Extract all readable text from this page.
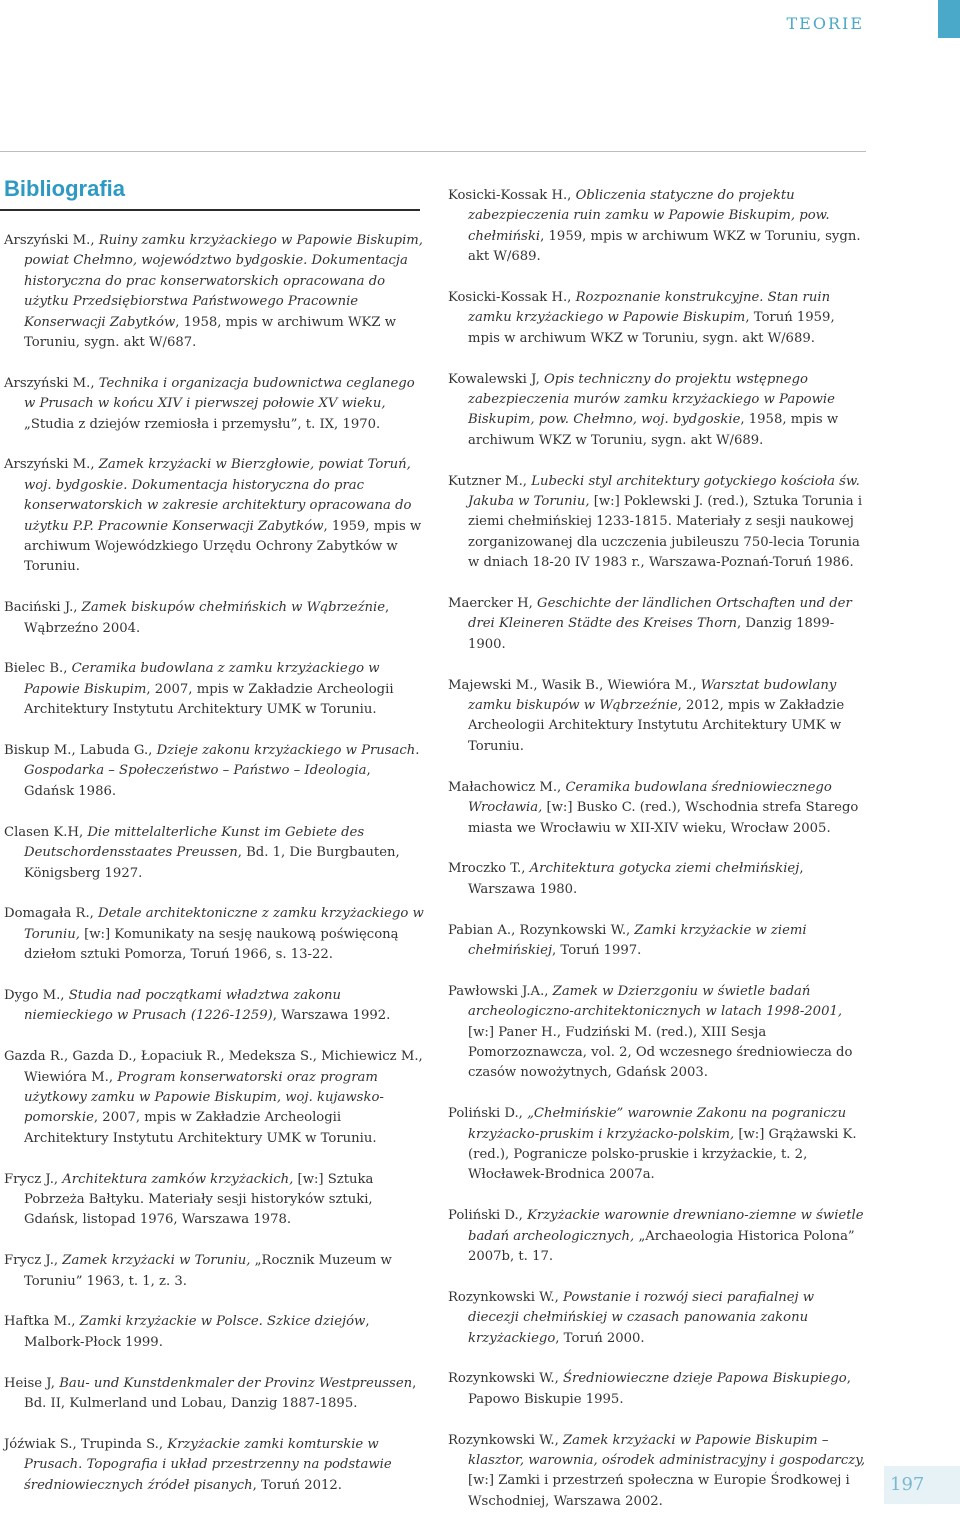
TEORIE
Bibliografia

Arszyński M., Ruiny zamku krzyżackiego w Papowie Biskupim, powiat Chełmno, województwo bydgoskie. Dokumentacja historyczna do prac konserwatorskich opracowana do użytku Przedsiębiorstwa Państwowego Pracownie Konserwacji Zabytków, 1958, mpis w archiwum WKZ w Toruniu, sygn. akt W/687.

Arszyński M., Technika i organizacja budownictwa ceglanego w Prusach w końcu XIV i pierwszej połowie XV wieku, „Studia z dziejów rzemiosła i przemysłu”, t. IX, 1970.

Arszyński M., Zamek krzyżacki w Bierzgłowie, powiat Toruń, woj. bydgoskie. Dokumentacja historyczna do prac konserwatorskich w zakresie architektury opracowana do użytku P.P. Pracownie Konserwacji Zabytków, 1959, mpis w archiwum Wojewódzkiego Urzędu Ochrony Zabytków w Toruniu.

Baciński J., Zamek biskupów chełmińskich w Wąbrzeźnie, Wąbrzeźno 2004.

Bielec B., Ceramika budowlana z zamku krzyżackiego w Papowie Biskupim, 2007, mpis w Zakładzie Archeologii Architektury Instytutu Architektury UMK w Toruniu.

Biskup M., Labuda G., Dzieje zakonu krzyżackiego w Prusach. Gospodarka – Społeczeństwo – Państwo – Ideologia, Gdańsk 1986.

Clasen K.H, Die mittelalterliche Kunst im Gebiete des Deutschordensstaates Preussen, Bd. 1, Die Burgbauten, Königsberg 1927.

Domagała R., Detale architektoniczne z zamku krzyżackiego w Toruniu, [w:] Komunikaty na sesję naukową poświęconą dziełom sztuki Pomorza, Toruń 1966, s. 13-22.

Dygo M., Studia nad początkami władztwa zakonu niemieckiego w Prusach (1226-1259), Warszawa 1992.

Gazda R., Gazda D., Łopaciuk R., Medeksza S., Michiewicz M., Wiewióra M., Program konserwatorski oraz program użytkowy zamku w Papowie Biskupim, woj. kujawsko-pomorskie, 2007, mpis w Zakładzie Archeologii Architektury Instytutu Architektury UMK w Toruniu.

Frycz J., Architektura zamków krzyżackich, [w:] Sztuka Pobrzeża Bałtyku. Materiały sesji historyków sztuki, Gdańsk, listopad 1976, Warszawa 1978.

Frycz J., Zamek krzyżacki w Toruniu, „Rocznik Muzeum w Toruniu” 1963, t. 1, z. 3.

Haftka M., Zamki krzyżackie w Polsce. Szkice dziejów, Malbork-Płock 1999.

Heise J, Bau- und Kunstdenkmaler der Provinz Westpreussen, Bd. II, Kulmerland und Lobau, Danzig 1887-1895.

Jóźwiak S., Trupinda S., Krzyżackie zamki komturskie w Prusach. Topografia i układ przestrzenny na podstawie średniowiecznych źródeł pisanych, Toruń 2012.

Kosicki-Kossak H., Obliczenia statyczne do projektu zabezpieczenia ruin zamku w Papowie Biskupim, pow. chełmiński, 1959, mpis w archiwum WKZ w Toruniu, sygn. akt W/689.

Kosicki-Kossak H., Rozpoznanie konstrukcyjne. Stan ruin zamku krzyżackiego w Papowie Biskupim, Toruń 1959, mpis w archiwum WKZ w Toruniu, sygn. akt W/689.

Kowalewski J, Opis techniczny do projektu wstępnego zabezpieczenia murów zamku krzyżackiego w Papowie Biskupim, pow. Chełmno, woj. bydgoskie, 1958, mpis w archiwum WKZ w Toruniu, sygn. akt W/689.

Kutzner M., Lubecki styl architektury gotyckiego kościoła św. Jakuba w Toruniu, [w:] Poklewski J. (red.), Sztuka Torunia i ziemi chełmińskiej 1233-1815. Materiały z sesji naukowej zorganizowanej dla uczczenia jubileuszu 750-lecia Torunia w dniach 18-20 IV 1983 r., Warszawa-Poznań-Toruń 1986.

Maercker H, Geschichte der ländlichen Ortschaften und der drei Kleineren Städte des Kreises Thorn, Danzig 1899-1900.

Majewski M., Wasik B., Wiewióra M., Warsztat budowlany zamku biskupów w Wąbrzeźnie, 2012, mpis w Zakładzie Archeologii Architektury Instytutu Architektury UMK w Toruniu.

Małachowicz M., Ceramika budowlana średniowiecznego Wrocławia, [w:] Busko C. (red.), Wschodnia strefa Starego miasta we Wrocławiu w XII-XIV wieku, Wrocław 2005.

Mroczko T., Architektura gotycka ziemi chełmińskiej, Warszawa 1980.

Pabian A., Rozynkowski W., Zamki krzyżackie w ziemi chełmińskiej, Toruń 1997.

Pawłowski J.A., Zamek w Dzierzgoniu w świetle badań archeologiczno-architektonicznych w latach 1998-2001, [w:] Paner H., Fudziński M. (red.), XIII Sesja Pomorzoznawcza, vol. 2, Od wczesnego średniowiecza do czasów nowożytnych, Gdańsk 2003.

Poliński D., „Chełmińskie” warownie Zakonu na pograniczu krzyżacko-pruskim i krzyżacko-polskim, [w:] Grążawski K. (red.), Pogranicze polsko-pruskie i krzyżackie, t. 2, Włocławek-Brodnica 2007a.

Poliński D., Krzyżackie warownie drewniano-ziemne w świetle badań archeologicznych, „Archaeologia Historica Polona” 2007b, t. 17.

Rozynkowski W., Powstanie i rozwój sieci parafialnej w diecezji chełmińskiej w czasach panowania zakonu krzyżackiego, Toruń 2000.

Rozynkowski W., Średniowieczne dzieje Papowa Biskupiego, Papowo Biskupie 1995.

Rozynkowski W., Zamek krzyżacki w Papowie Biskupim – klasztor, warownia, ośrodek administracyjny i gospodarczy, [w:] Zamki i przestrzeń społeczna w Europie Środkowej i Wschodniej, Warszawa 2002.

197
